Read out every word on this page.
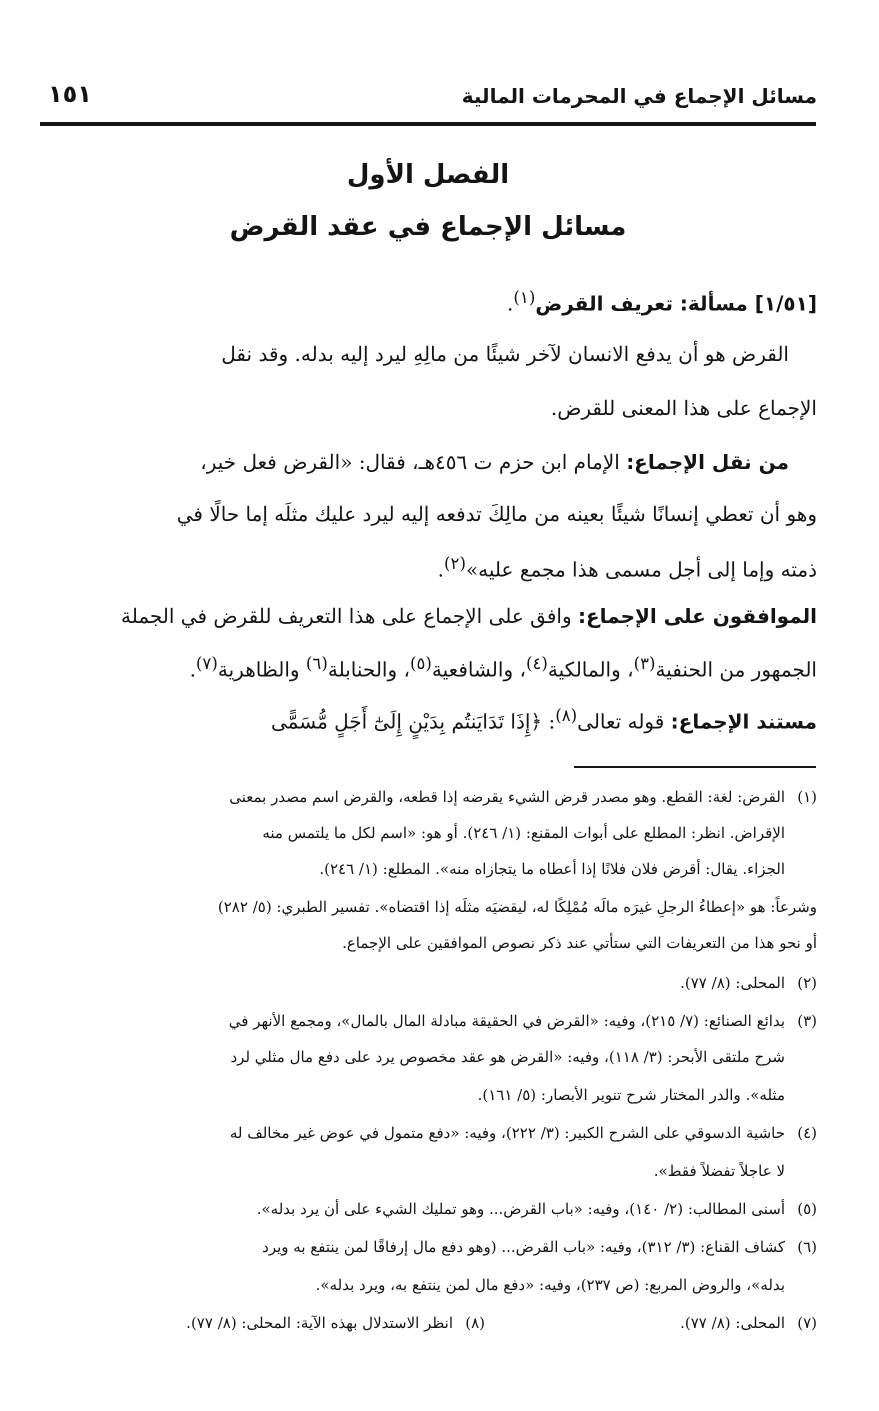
مسائل الإجماع في المحرمات المالية
١٥١
الفصل الأول
مسائل الإجماع في عقد القرض
[١/٥١] مسألة: تعريف القرض$^{(١)}$.
القرض هو أن يدفع الانسان لآخر شيئًا من مالِهِ ليرد إليه بدله. وقد نقل
الإجماع على هذا المعنى للقرض.
من نقل الإجماع: الإمام ابن حزم ت ٤٥٦هـ، فقال: «القرض فعل خير،
وهو أن تعطي إنسانًا شيئًا بعينه من مالِكَ تدفعه إليه ليرد عليك مثلَه إما حالًا في
ذمته وإما إلى أجل مسمى هذا مجمع عليه»$^{(٢)}$.
الموافقون على الإجماع: وافق على الإجماع على هذا التعريف للقرض في الجملة
الجمهور من الحنفية$^{(٣)}$، والمالكية$^{(٤)}$، والشافعية$^{(٥)}$، والحنابلة$^{(٦)}$ والظاهرية$^{(٧)}$.
مستند الإجماع: قوله تعالى$^{(٨)}$: ﴿إِذَا تَدَايَنتُم بِدَيْنٍ إِلَىٰٓ أَجَلٍ مُّسَمًّى
(١)القرض: لغة: القطع. وهو مصدر قرض الشيء يقرضه إذا قطعه، والقرض اسم مصدر بمعنى
الإقراض. انظر: المطلع على أبوات المقنع: (١/ ٢٤٦). أو هو: «اسم لكل ما يلتمس منه
الجزاء. يقال: أقرض فلان فلانًا إذا أعطاه ما يتجازاه منه». المطلع: (١/ ٢٤٦).
وشرعاً: هو «إعطاءُ الرجلِ غيرَه مالَه مُمْلِكًا له، ليقضيَه مثلَه إذا اقتضاه». تفسير الطبري: (٥/ ٢٨٢)
أو نحو هذا من التعريفات التي ستأتي عند ذكر نصوص الموافقين على الإجماع.
(٢)المحلى: (٨/ ٧٧).
(٣)بدائع الصنائع: (٧/ ٢١٥)، وفيه: «القرض في الحقيقة مبادلة المال بالمال»، ومجمع الأنهر في
شرح ملتقى الأبحر: (٣/ ١١٨)، وفيه: «القرض هو عقد مخصوص يرد على دفع مال مثلي لرد
مثله». والدر المختار شرح تنوير الأبصار: (٥/ ١٦١).
(٤)حاشية الدسوقي على الشرح الكبير: (٣/ ٢٢٢)، وفيه: «دفع متمول في عوض غير مخالف له
لا عاجلاً تفضلاً فقط».
(٥)أسنى المطالب: (٢/ ١٤٠)، وفيه: «باب القرض... وهو تمليك الشيء على أن يرد بدله».
(٦)كشاف القناع: (٣/ ٣١٢)، وفيه: «باب القرض... (وهو دفع مال إرفاقًا لمن ينتفع به ويرد
بدله»، والروض المربع: (ص ٢٣٧)، وفيه: «دفع مال لمن ينتفع به، ويرد بدله».
(٧)المحلى: (٨/ ٧٧).
(٨)انظر الاستدلال بهذه الآية: المحلى: (٨/ ٧٧).
